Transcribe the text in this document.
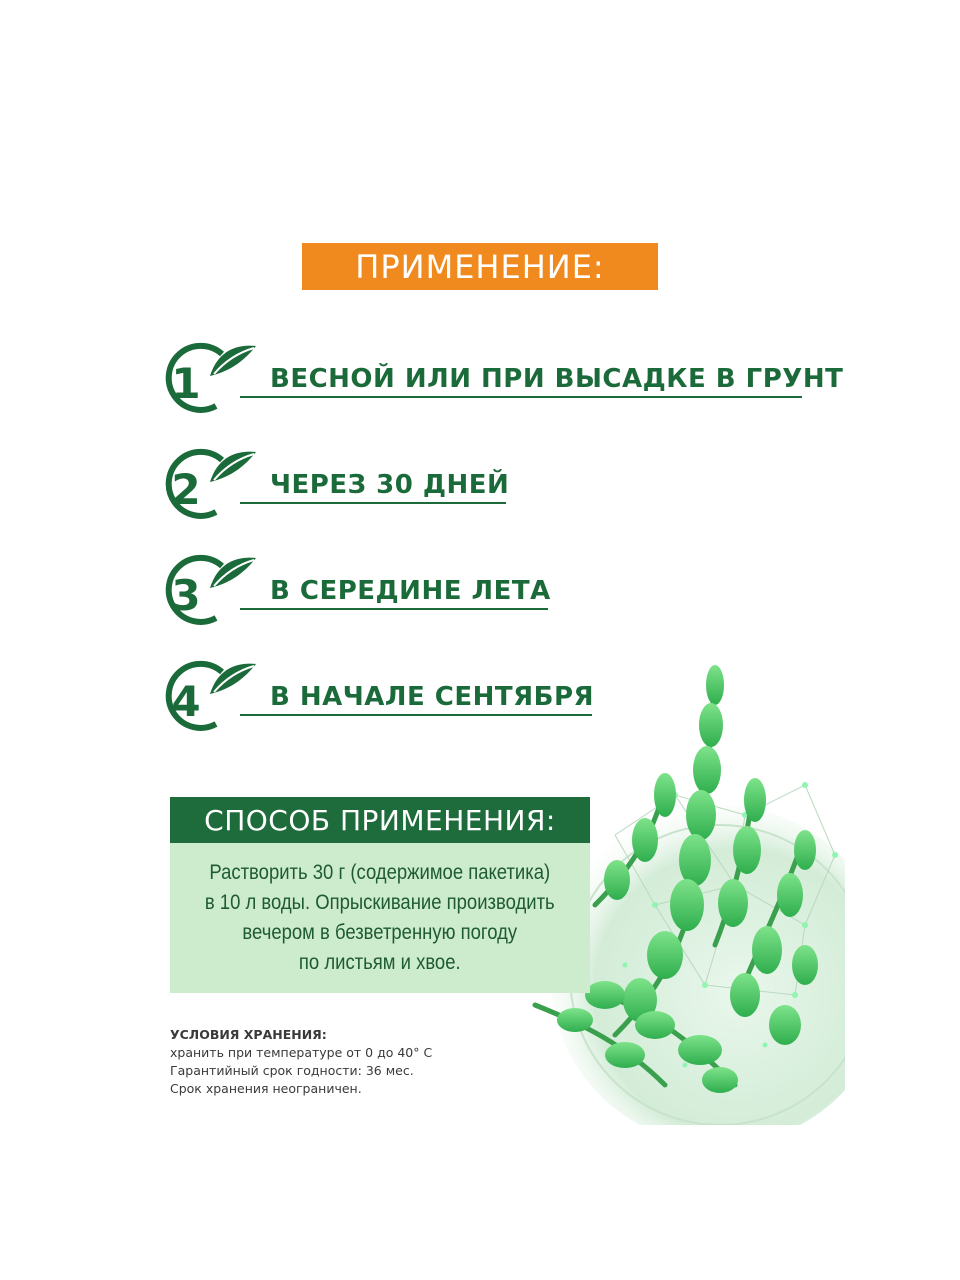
ПРИМЕНЕНИЕ:
1	ВЕСНОЙ ИЛИ ПРИ ВЫСАДКЕ В ГРУНТ
2	ЧЕРЕЗ 30 ДНЕЙ
3	В СЕРЕДИНЕ ЛЕТА
4	В НАЧАЛЕ СЕНТЯБРЯ
СПОСОБ ПРИМЕНЕНИЯ:

Растворить 30 г (содержимое пакетика)
в 10 л воды. Опрыскивание производить
вечером в безветренную погоду
по листьям и хвое.

УСЛОВИЯ ХРАНЕНИЯ:
хранить при температуре от 0 до 40° С
Гарантийный срок годности: 36 мес.
Срок хранения неограничен.
